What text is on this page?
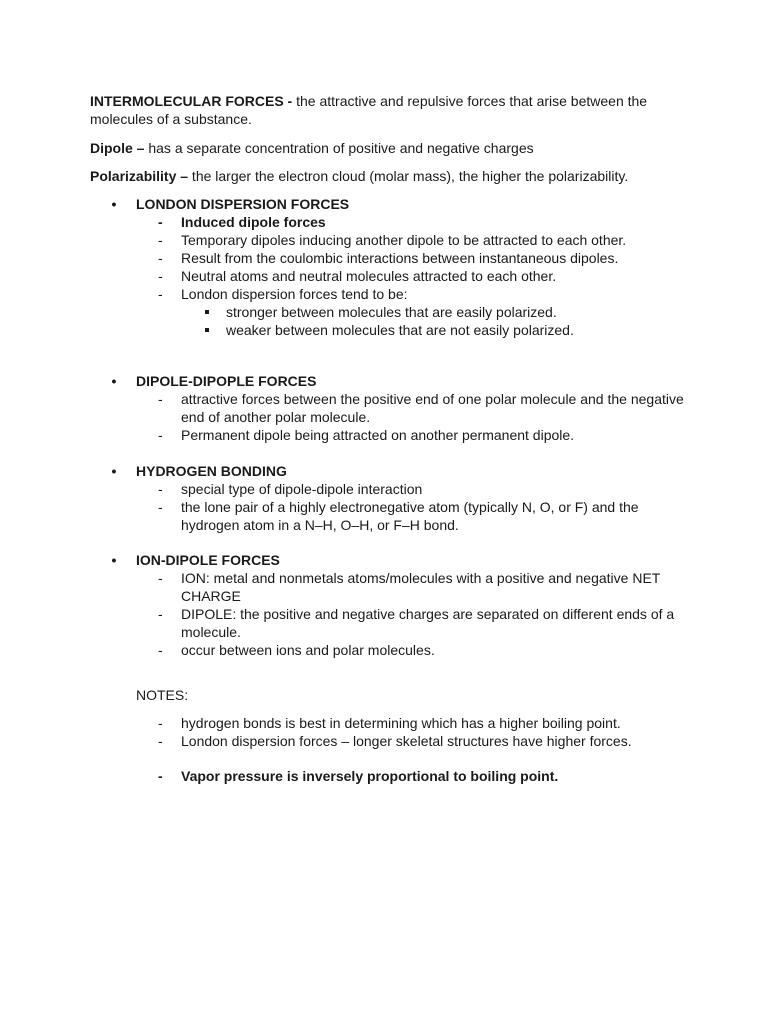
INTERMOLECULAR FORCES - the attractive and repulsive forces that arise between the molecules of a substance.
Dipole – has a separate concentration of positive and negative charges
Polarizability – the larger the electron cloud (molar mass), the higher the polarizability.
• LONDON DISPERSION FORCES
- Induced dipole forces
- Temporary dipoles inducing another dipole to be attracted to each other.
- Result from the coulombic interactions between instantaneous dipoles.
- Neutral atoms and neutral molecules attracted to each other.
- London dispersion forces tend to be:
stronger between molecules that are easily polarized.
weaker between molecules that are not easily polarized.
• DIPOLE-DIPOPLE FORCES
- attractive forces between the positive end of one polar molecule and the negative end of another polar molecule.
- Permanent dipole being attracted on another permanent dipole.
• HYDROGEN BONDING
- special type of dipole-dipole interaction
- the lone pair of a highly electronegative atom (typically N, O, or F) and the hydrogen atom in a N–H, O–H, or F–H bond.
• ION-DIPOLE FORCES
- ION: metal and nonmetals atoms/molecules with a positive and negative NET CHARGE
- DIPOLE: the positive and negative charges are separated on different ends of a molecule.
- occur between ions and polar molecules.
NOTES:
- hydrogen bonds is best in determining which has a higher boiling point.
- London dispersion forces – longer skeletal structures have higher forces.
- Vapor pressure is inversely proportional to boiling point.
